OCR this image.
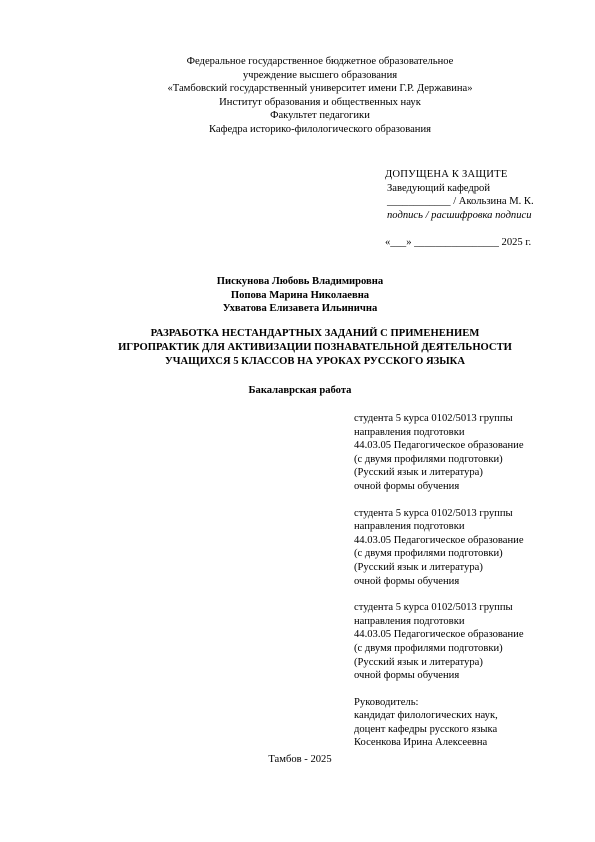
Федеральное государственное бюджетное образовательное
учреждение высшего образования
«Тамбовский государственный университет имени Г.Р. Державина»
Институт образования и общественных наук
Факультет педагогики
Кафедра историко-филологического образования
ДОПУЩЕНА К ЗАЩИТЕ
Заведующий кафедрой
____________ / Акользина М. К.
подпись / расшифровка подписи
«___» ________________ 2025 г.
Пискунова Любовь Владимировна
Попова Марина Николаевна
Ухватова Елизавета Ильинична
РАЗРАБОТКА НЕСТАНДАРТНЫХ ЗАДАНИЙ С ПРИМЕНЕНИЕМ
ИГРОПРАКТИК ДЛЯ АКТИВИЗАЦИИ ПОЗНАВАТЕЛЬНОЙ ДЕЯТЕЛЬНОСТИ
УЧАЩИХСЯ 5 КЛАССОВ НА УРОКАХ РУССКОГО ЯЗЫКА
Бакалаврская работа
студента 5 курса 0102/5013 группы
направления подготовки
44.03.05 Педагогическое образование
(с двумя профилями подготовки)
(Русский язык и литература)
очной формы обучения
студента 5 курса 0102/5013 группы
направления подготовки
44.03.05 Педагогическое образование
(с двумя профилями подготовки)
(Русский язык и литература)
очной формы обучения
студента 5 курса 0102/5013 группы
направления подготовки
44.03.05 Педагогическое образование
(с двумя профилями подготовки)
(Русский язык и литература)
очной формы обучения
Руководитель:
кандидат филологических наук,
доцент кафедры русского языка
Косенкова Ирина Алексеевна
Тамбов - 2025
